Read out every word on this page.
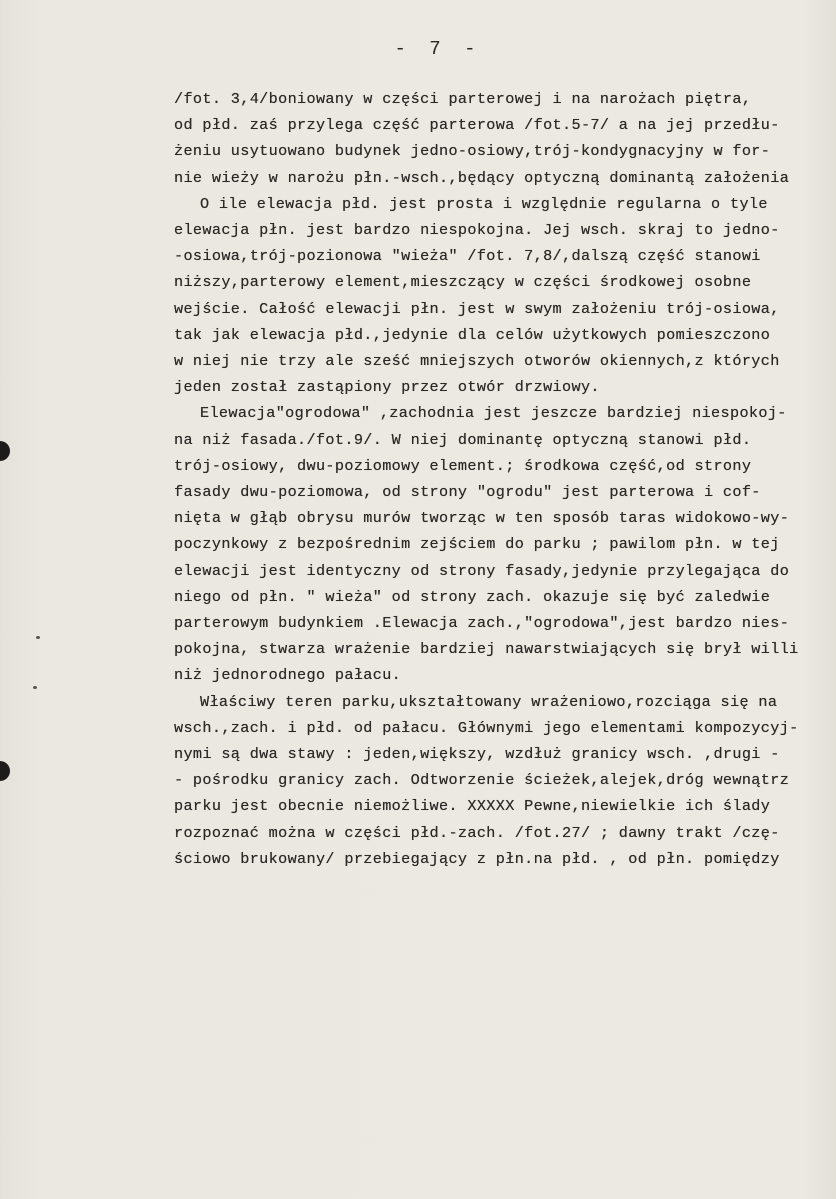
- 7 -
/fot. 3,4/boniowany w części parterowej i na narożach piętra,
od płd. zaś przylega część parterowa /fot.5-7/ a na jej przedłu-
żeniu usytuowano budynek jedno-osiowy,trój-kondygnacyjny w for-
nie wieży w narożu płn.-wsch.,będący optyczną dominantą założenia
O ile elewacja płd. jest prosta i względnie regularna o tyle
elewacja płn. jest bardzo niespokojna. Jej wsch. skraj to jedno-
-osiowa,trój-pozionowa "wieża" /fot. 7,8/,dalszą część stanowi
niższy,parterowy element,mieszczący w części środkowej osobne
wejście. Całość elewacji płn. jest w swym założeniu trój-osiowa,
tak jak elewacja płd.,jedynie dla celów użytkowych pomieszczono
w niej nie trzy ale sześć mniejszych otworów okiennych,z których
jeden został zastąpiony przez otwór drzwiowy.
Elewacja"ogrodowa" ,zachodnia jest jeszcze bardziej niespokoj-
na niż fasada./fot.9/. W niej dominantę optyczną stanowi płd.
trój-osiowy, dwu-poziomowy element.; środkowa część,od strony
fasady dwu-poziomowa, od strony "ogrodu" jest parterowa i cof-
nięta w głąb obrysu murów tworząc w ten sposób taras widokowo-wy-
poczynkowy z bezpośrednim zejściem do parku ; pawilom płn. w tej
elewacji jest identyczny od strony fasady,jedynie przylegająca do
niego od płn. " wieża" od strony zach. okazuje się być zaledwie
parterowym budynkiem .Elewacja zach.,"ogrodowa",jest bardzo nies-
pokojna, stwarza wrażenie bardziej nawarstwiających się brył willi
niż jednorodnego pałacu.
Właściwy teren parku,ukształtowany wrażeniowo,rozciąga się na
wsch.,zach. i płd. od pałacu. Głównymi jego elementami kompozycyj-
nymi są dwa stawy : jeden,większy, wzdłuż granicy wsch. ,drugi -
- pośrodku granicy zach. Odtworzenie ścieżek,alejek,dróg wewnątrz
parku jest obecnie niemożliwe. XXXXX Pewne,niewielkie ich ślady
rozpoznać można w części płd.-zach. /fot.27/ ; dawny trakt /czę-
ściowo brukowany/ przebiegający z płn.na płd. , od płn. pomiędzy
